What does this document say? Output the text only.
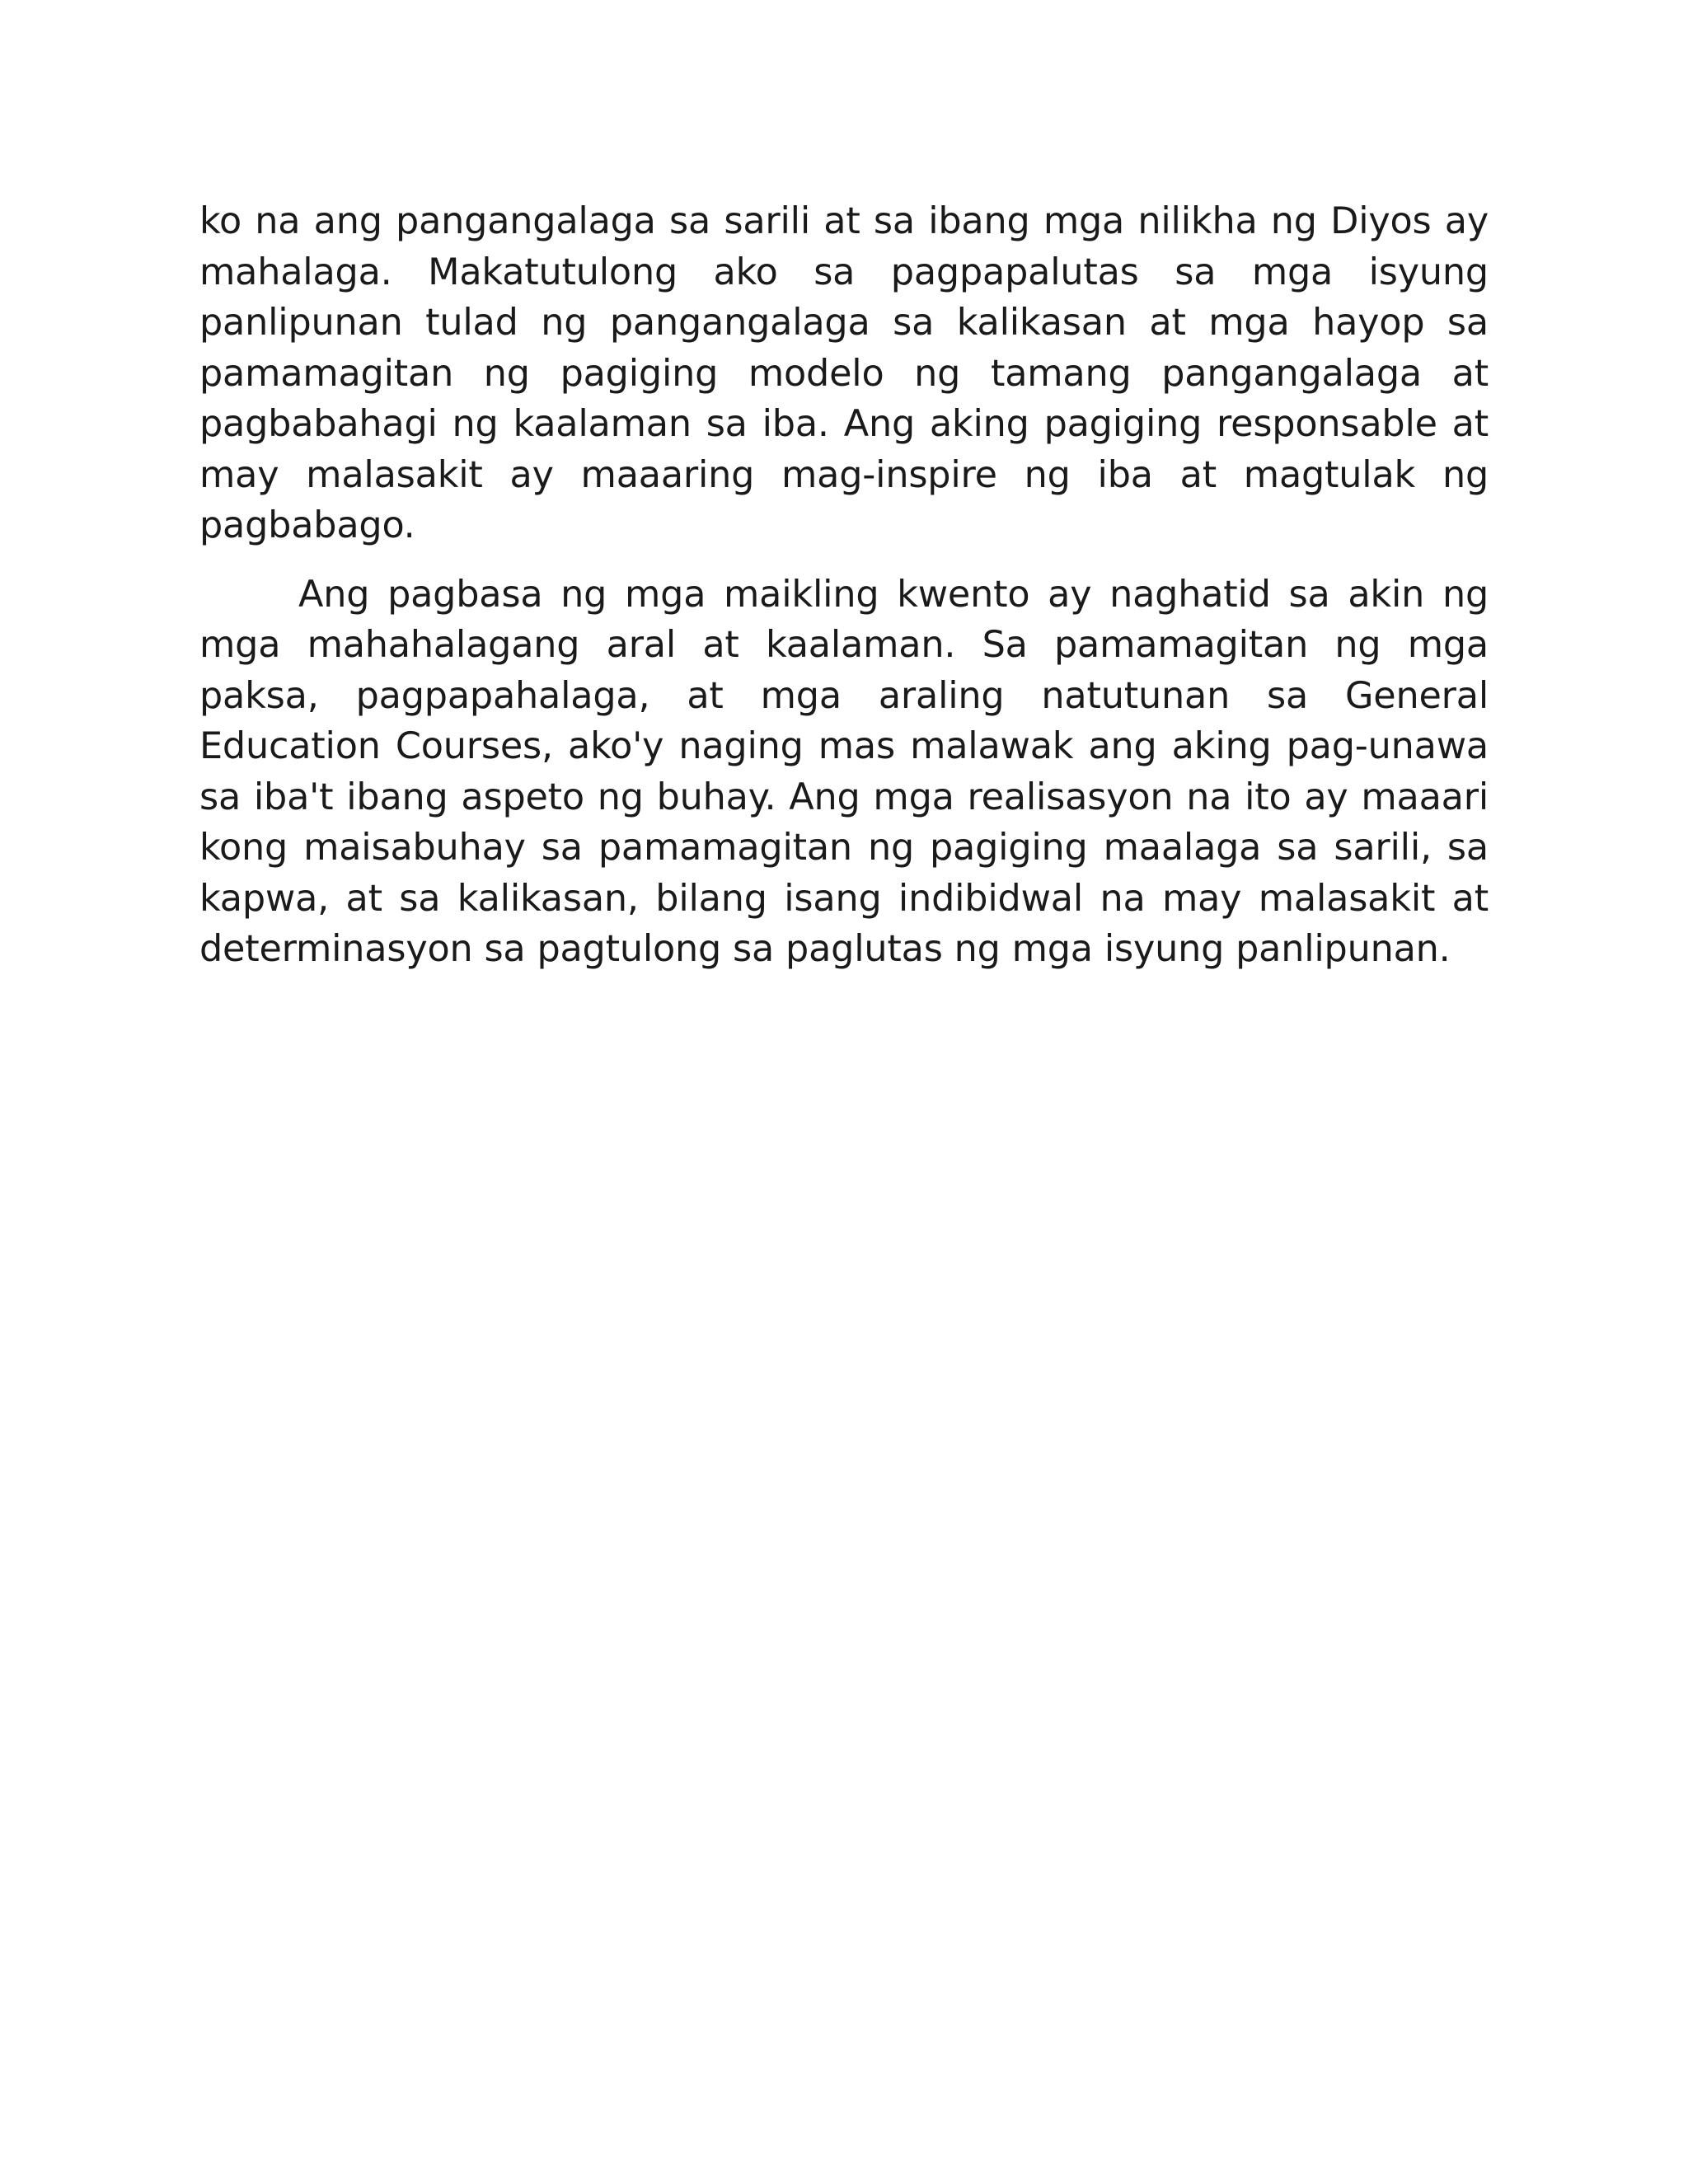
ko na ang pangangalaga sa sarili at sa ibang mga nilikha ng Diyos ay mahalaga. Makatutulong ako sa pagpapalutas sa mga isyung panlipunan tulad ng pangangalaga sa kalikasan at mga hayop sa pamamagitan ng pagiging modelo ng tamang pangangalaga at pagbabahagi ng kaalaman sa iba. Ang aking pagiging responsable at may malasakit ay maaaring mag-inspire ng iba at magtulak ng pagbabago.

Ang pagbasa ng mga maikling kwento ay naghatid sa akin ng mga mahahalagang aral at kaalaman. Sa pamamagitan ng mga paksa, pagpapahalaga, at mga araling natutunan sa General Education Courses, ako'y naging mas malawak ang aking pag-unawa sa iba't ibang aspeto ng buhay. Ang mga realisasyon na ito ay maaari kong maisabuhay sa pamamagitan ng pagiging maalaga sa sarili, sa kapwa, at sa kalikasan, bilang isang indibidwal na may malasakit at determinasyon sa pagtulong sa paglutas ng mga isyung panlipunan.
